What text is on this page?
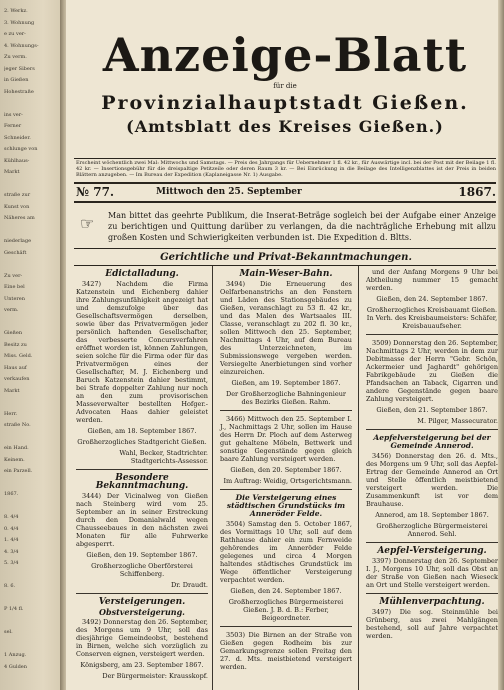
2. Werkz.
3. Wohnung
e zu ver-
4. Wohnungs-
Zu verm.
jeger Sibers
in Gießen
Hohestraße
ins ver-
Ferner
Schneider.
schlunge von
Kühlhaus-
Markt
straße zur
Kunst von
Näheres am
niederlage
Geschäft
Zu ver-
Eine bel
Unteren
verm.
Gießen
Besitz zu
Miss. Geld.
Haus auf
verkaufen
Markt
Herr.
straße No.
ein Hand.
Keinem.
ein Parzell.
1867.
8. 4/4
0. 4/4
1. 4/4
4. 3/4
5. 3/4
8. 6.
P 1/4 fl.
sel.
1 Anzug.
4 Gulden
Anzeige-Blatt
für die
Provinzialhauptstadt Gießen.
(Amtsblatt des Kreises Gießen.)
Erscheint wöchentlich zwei Mal: Mittwochs und Samstags. — Preis des Jahrgangs für Uebernehmer 1 fl. 42 kr., für Auswärtige incl. bei der Post mit der Beilage 1 fl. 42 kr. — Insertionsgebühr für die dreispaltige Petitzeile oder deren Raum 3 kr. — Bei Einrückung in die Beilage des Intelligenzblattes ist der Preis in beiden Blättern anzugeben. — Im Bureau der Expedition (Kaplaneigasse Nr. 1) Ausgabe.
№ 77.	Mittwoch den 25. September	1867.
☞ Man bittet das geehrte Publikum, die Inserat-Beträge sogleich bei der Aufgabe einer Anzeige zu berichtigen und Quittung darüber zu verlangen, da die nachträgliche Erhebung mit allzu großen Kosten und Schwierigkeiten verbunden ist. Die Expedition d. Bltts.

Gerichtliche und Privat-Bekanntmachungen.
Edictalladung.

3427) Nachdem die Firma Katzenstein und Eichenberg dahier ihre Zahlungsunfähigkeit angezeigt hat und demzufolge über das Gesellschaftsvermögen derselben, sowie über das Privatvermögen jeder persönlich haftenden Gesellschafter, das verbesserte Concursverfahren eröffnet worden ist, können Zahlungen, seien solche für die Firma oder für das Privatvermögen eines der Gesellschafter, M. J. Eichenberg und Baruch Katzenstein dahier bestimmt, bei Strafe doppelter Zahlung nur noch an den zum provisorischen Masseverwalter bestellten Hofger.-Advocaten Haas dahier geleistet werden.

Gießen, am 18. September 1867.

Großherzogliches Stadtgericht Gießen.

Wahl, Becker, Stadtrichter. Stadtgerichts-Assessor.

Besondere Bekanntmachung.

3444) Der Vicinalweg von Gießen nach Steinberg wird vom 25. September an in seiner Erstreckung durch den Domanialwald wegen Chausseebaues in den nächsten zwei Monaten für alle Fuhrwerke abgesperrt.

Gießen, den 19. September 1867.

Großherzogliche Oberförsterei Schiffenberg.

Dr. Draudt.

Versteigerungen.
Obstversteigerung.

3492) Donnerstag den 26. September, des Morgens um 9 Uhr, soll das diesjährige Gemeindeobst, bestehend in Birnen, welche sich vorzüglich zu Conserven eignen, versteigert werden.

Königsberg, am 23. September 1867.

Der Bürgermeister: Krausskopf.

Main-Weser-Bahn.

3494) Die Erneuerung des Oelfarbenanstrichs an den Fenstern und Läden des Stationsgebäudes zu Gießen, veranschlagt zu 53 fl. 42 kr., und das Malen des Wartsaales III. Classe, veranschlagt zu 202 fl. 30 kr., sollen Mittwoch den 25. September, Nachmittags 4 Uhr, auf dem Bureau des Unterzeichneten, im Submissionswege vergeben werden. Versiegelte Anerbietungen sind vorher einzureichen.

Gießen, am 19. September 1867.

Der Großherzogliche Bahningenieur des Bezirks Gießen. Rahm.

3466) Mittwoch den 25. September I. J., Nachmittags 2 Uhr, sollen im Hause des Herrn Dr. Ploch auf dem Asterweg gut gehaltene Möbeln, Bettwerk und sonstige Gegenstände gegen gleich baare Zahlung versteigert werden.

Gießen, den 20. September 1867.

Im Auftrag: Weidig, Ortsgerichtsmann.

Die Versteigerung eines städtischen Grundstücks im Anneröder Felde.

3504) Samstag den 5. October 1867, des Vormittags 10 Uhr, soll auf dem Rathhause dahier ein zum Fernweide gehörendes im Anneröder Felde gelegenes und circa 4 Morgen haltendes städtisches Grundstück im Wege öffentlicher Versteigerung verpachtet werden.

Gießen, den 24. September 1867.

Großherzogliches Bürgermeisterei Gießen. J. B. d. B.: Ferber, Beigeordneter.

3503) Die Birnen an der Straße von Gießen gegen Rodheim bis zur Gemarkungsgrenze sollen Freitag den 27. d. Mts. meistbietend versteigert werden.

und der Anfang Morgens 9 Uhr bei Abtheilung nummer 15 gemacht werden.

Gießen, den 24. September 1867.

Großherzogliches Kreisbauamt Gießen. In Verh. des Kreisbaumeisters: Schäfer, Kreisbauaufseher.

3509) Donnerstag den 26. September, Nachmittags 2 Uhr, werden in dem zur Debitmasse der Herrn "Gebr. Schön, Ackermeier und Jaghardt" gehörigen Fabrikgebäude zu Gießen die Pfandsachen an Taback, Cigarren und andere Gegenstände gegen baare Zahlung versteigert.

Gießen, den 21. September 1867.

M. Pilger, Massecurator.

Aepfelversteigerung bei der Gemeinde Annerod.

3456) Donnerstag den 26. d. Mts., des Morgens um 9 Uhr, soll das Aepfel-Ertrag der Gemeinde Annerod an Ort und Stelle öffentlich meistbietend versteigert werden. Die Zusammenkunft ist vor dem Brauhause.

Annerod, am 18. September 1867.

Großherzogliche Bürgermeisterei Annerod. Sehl.

Aepfel-Versteigerung.

3397) Donnerstag den 26. September I. J., Morgens 10 Uhr, soll das Obst an der Straße von Gießen nach Wieseck an Ort und Stelle versteigert werden.

Mühlenverpachtung.

3497) Die sog. Steinmühle bei Grünberg, aus zwei Mahlgängen bestehend, soll auf Jahre verpachtet werden.
